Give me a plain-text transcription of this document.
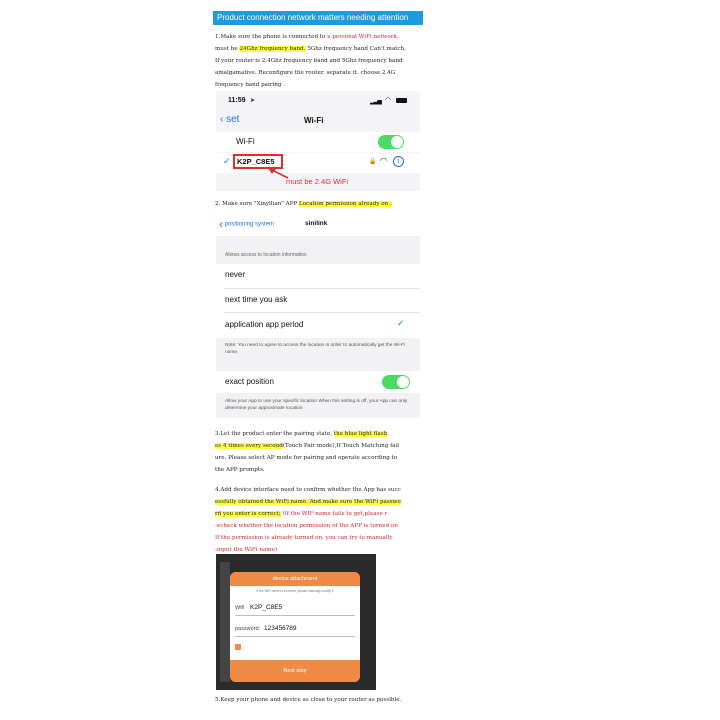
Product connection network matters needing attention
1.Make sure the phone is connected to a personal WiFi network,
must be 24Ghz frequency band. 5Ghz frequency band Can't match,
If your router is 2.4Ghz frequency band and 5Ghz frequency band
amalgamative. Reconfigure the router. separate it. choose 2.4G
frequency band pairing .
11:59 ➤	▂▃▅ ◠
‹ set	Wi-Fi
Wi-Fi
✓ K2P_C8E5	🔒 ◠	i
must be 2.4G WiFi
2. Make sure "Xinyilian" APP Location permission already on .
‹ positioning system	sinilink
Allows access to location information
never
next time you ask
application app period	✓
Note: You need to agree to access the location in order to automatically get the Wi-Fi name.
exact position
Allow your App to use your specific location When this setting is off, your App can only determine your approximate location
3.Let the product enter the pairing state, the blue light flash
es 4 times every second(Touch Pair mode),If Touch Matching fail
ure. Please select AP mode for pairing and operate according to
the APP prompts.
4.Add device interface need to confirm whether the App has succ
essfully obtained the WiFi name. And make sure the WiFi passwo
rd you enter is correct; (If the WIF name fails to get,please r
-echeck whether the location permission of the APP is turned on
If the permission is already turned on, you can try to manually
-input the WiFi name)
device attachment
If the WiFi name is incorrect, please manually modify it
Wifi K2P_C8E5
password: 123456789
Next step
5.Keep your phone and device as close to your router as possible.
